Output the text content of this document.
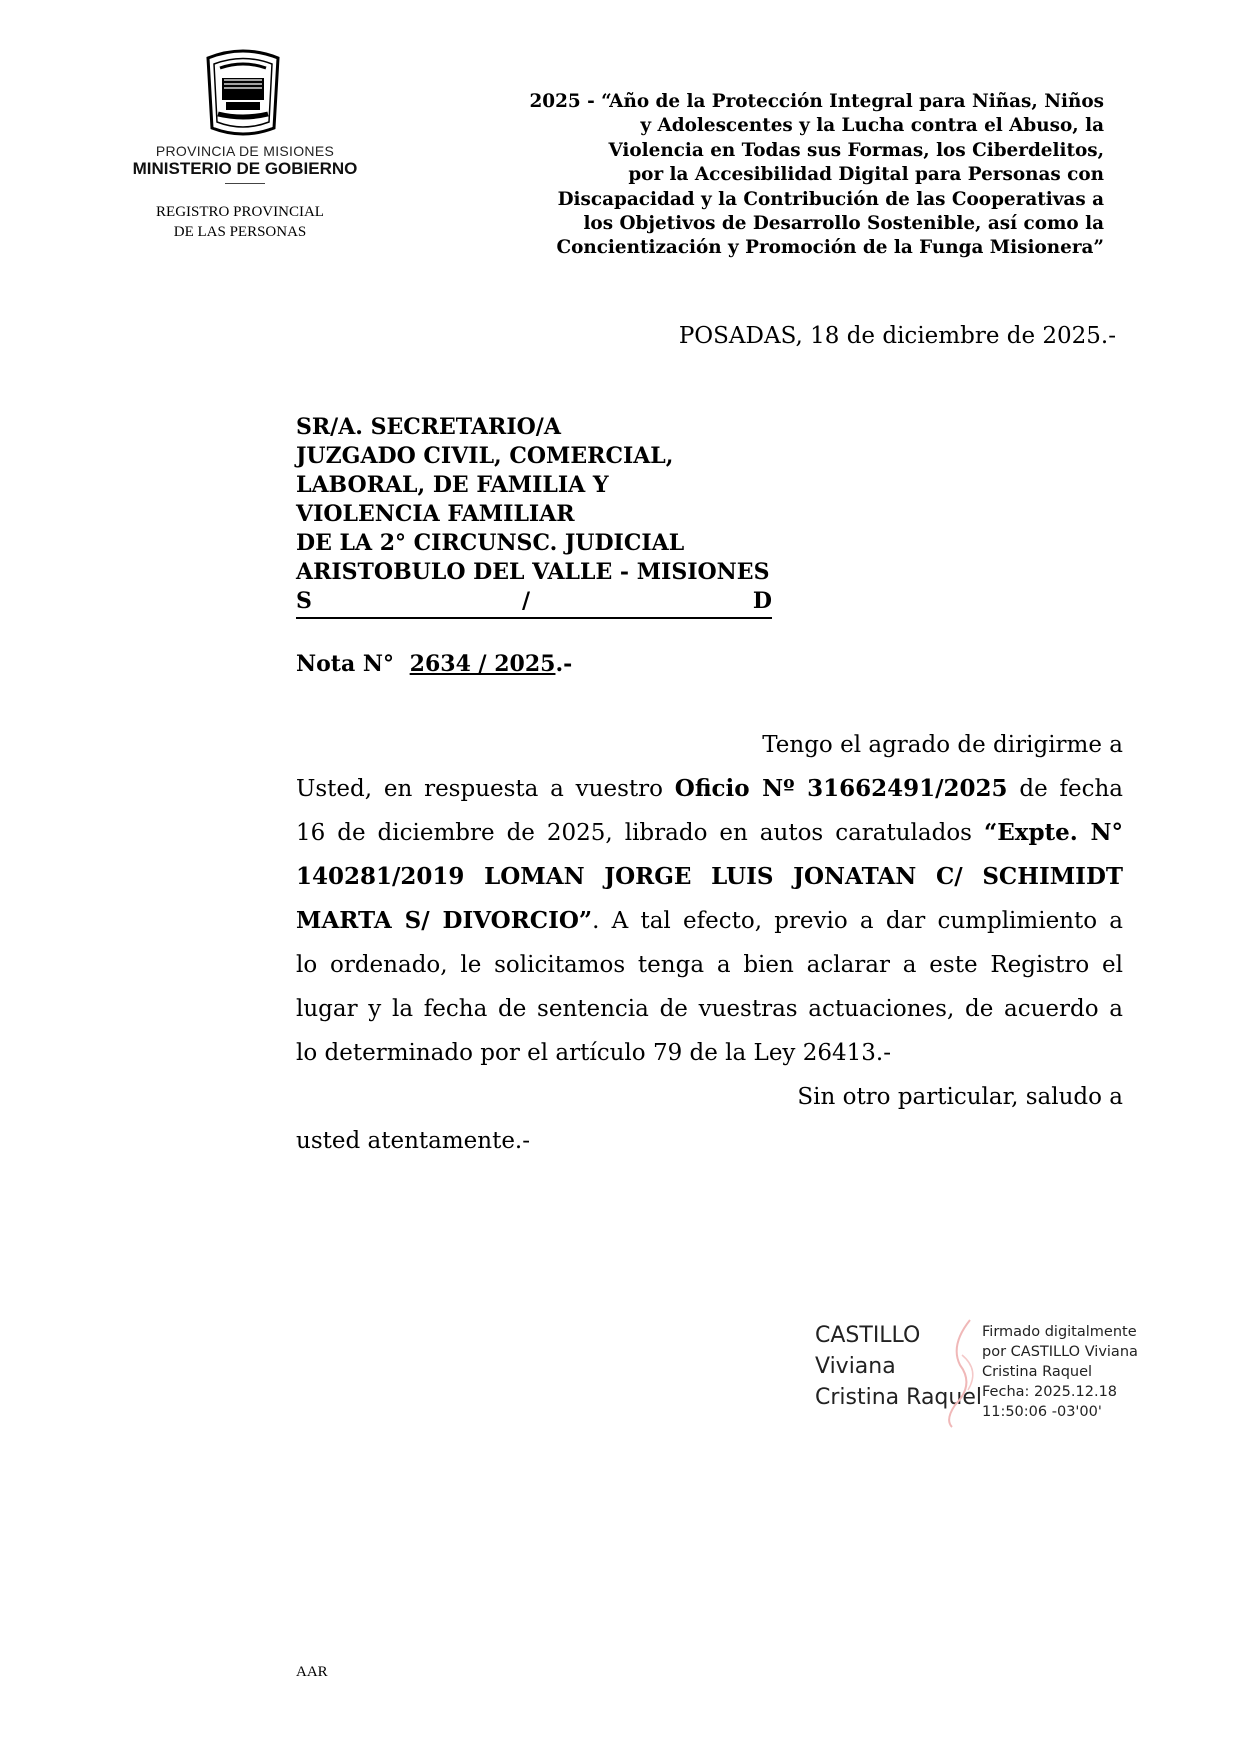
PROVINCIA DE MISIONES
MINISTERIO DE GOBIERNO
REGISTRO PROVINCIAL
DE LAS PERSONAS
2025 - “Año de la Protección Integral para Niñas, Niños
y Adolescentes y la Lucha contra el Abuso, la
Violencia en Todas sus Formas, los Ciberdelitos,
por la Accesibilidad Digital para Personas con
Discapacidad y la Contribución de las Cooperativas a
los Objetivos de Desarrollo Sostenible, así como la
Concientización y Promoción de la Funga Misionera”
POSADAS, 18 de diciembre de 2025.-
SR/A. SECRETARIO/A
JUZGADO CIVIL, COMERCIAL,
LABORAL, DE FAMILIA Y
VIOLENCIA FAMILIAR
DE LA 2° CIRCUNSC. JUDICIAL
ARISTOBULO DEL VALLE - MISIONES
S	/	D
Nota N° 2634 / 2025.-
Tengo el agrado de dirigirme a
Usted, en respuesta a vuestro Oficio Nº 31662491/2025 de fecha
16 de diciembre de 2025, librado en autos caratulados “Expte. N°
140281/2019 LOMAN JORGE LUIS JONATAN C/ SCHIMIDT
MARTA S/ DIVORCIO”. A tal efecto, previo a dar cumplimiento a
lo ordenado, le solicitamos tenga a bien aclarar a este Registro el
lugar y la fecha de sentencia de vuestras actuaciones, de acuerdo a
lo determinado por el artículo 79 de la Ley 26413.-
Sin otro particular, saludo a
usted atentamente.-
CASTILLO
Viviana
Cristina Raquel
Firmado digitalmente
por CASTILLO Viviana
Cristina Raquel
Fecha: 2025.12.18
11:50:06 -03'00'
AAR
